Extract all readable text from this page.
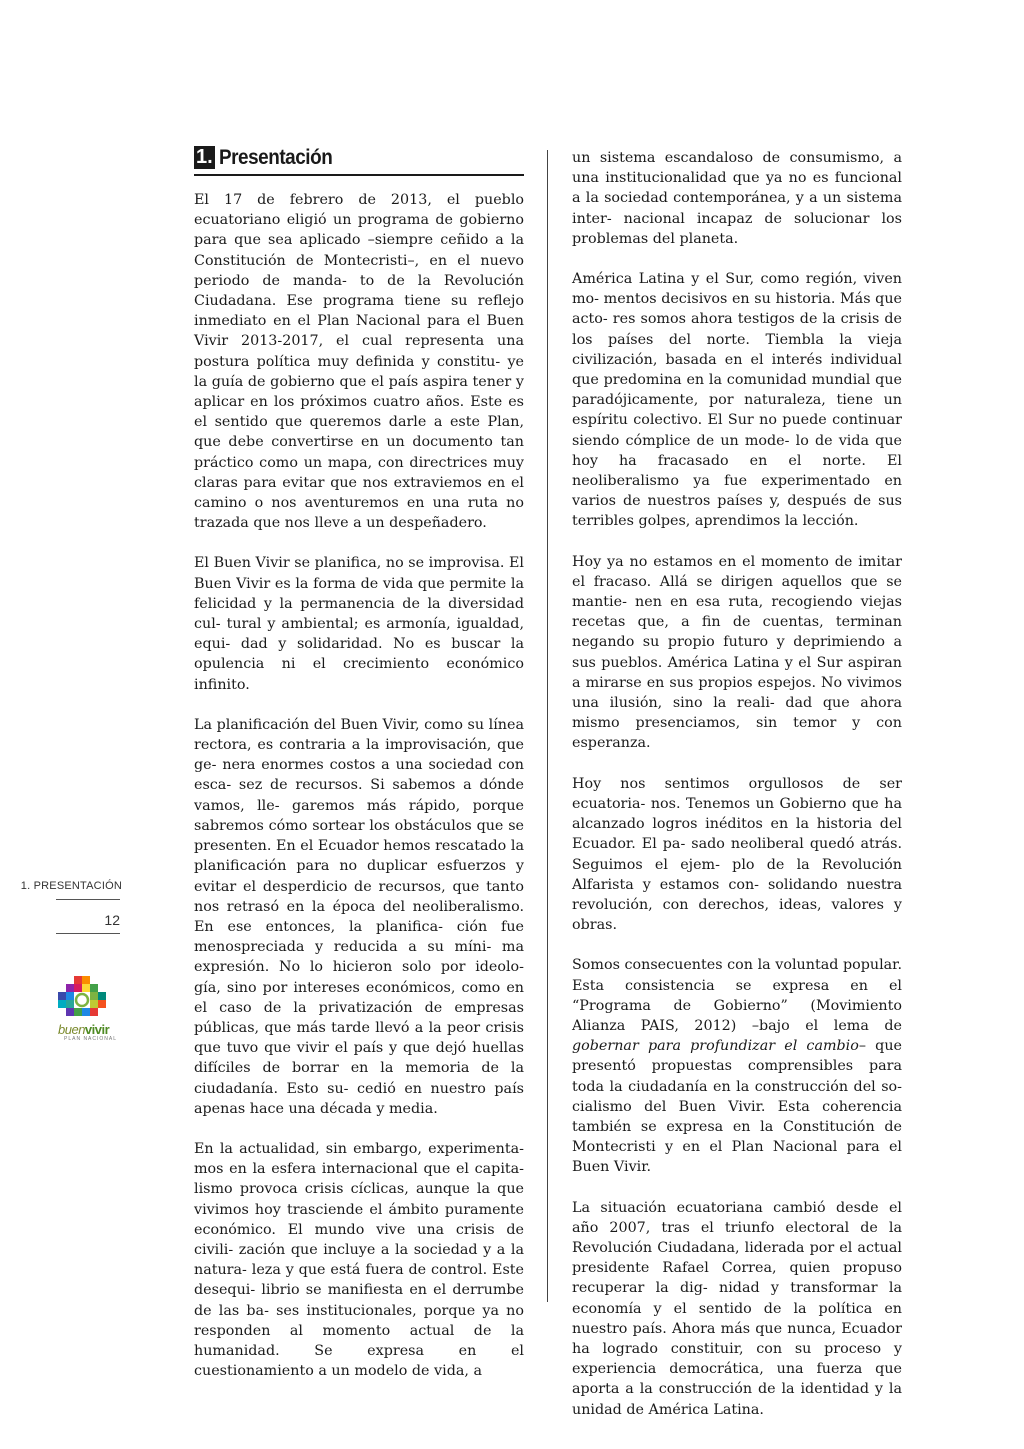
1. PRESENTACIÓN
12
buenvivir
PLAN NACIONAL
1. Presentación

El 17 de febrero de 2013, el pueblo ecuatoriano eligió un programa de gobierno para que sea aplicado –siempre ceñido a la Constitución de Montecristi–, en el nuevo periodo de manda- to de la Revolución Ciudadana. Ese programa tiene su reflejo inmediato en el Plan Nacional para el Buen Vivir 2013-2017, el cual representa una postura política muy definida y constitu- ye la guía de gobierno que el país aspira tener y aplicar en los próximos cuatro años. Este es el sentido que queremos darle a este Plan, que debe convertirse en un documento tan práctico como un mapa, con directrices muy claras para evitar que nos extraviemos en el camino o nos aventuremos en una ruta no trazada que nos lleve a un despeñadero.

El Buen Vivir se planifica, no se improvisa. El Buen Vivir es la forma de vida que permite la felicidad y la permanencia de la diversidad cul- tural y ambiental; es armonía, igualdad, equi- dad y solidaridad. No es buscar la opulencia ni el crecimiento económico infinito.

La planificación del Buen Vivir, como su línea rectora, es contraria a la improvisación, que ge- nera enormes costos a una sociedad con esca- sez de recursos. Si sabemos a dónde vamos, lle- garemos más rápido, porque sabremos cómo sortear los obstáculos que se presenten. En el Ecuador hemos rescatado la planificación para no duplicar esfuerzos y evitar el desperdicio de recursos, que tanto nos retrasó en la época del neoliberalismo. En ese entonces, la planifica- ción fue menospreciada y reducida a su míni- ma expresión. No lo hicieron solo por ideolo- gía, sino por intereses económicos, como en el caso de la privatización de empresas públicas, que más tarde llevó a la peor crisis que tuvo que vivir el país y que dejó huellas difíciles de borrar en la memoria de la ciudadanía. Esto su- cedió en nuestro país apenas hace una década y media.

En la actualidad, sin embargo, experimenta- mos en la esfera internacional que el capita- lismo provoca crisis cíclicas, aunque la que vivimos hoy trasciende el ámbito puramente económico. El mundo vive una crisis de civili- zación que incluye a la sociedad y a la natura- leza y que está fuera de control. Este desequi- librio se manifiesta en el derrumbe de las ba- ses institucionales, porque ya no responden al momento actual de la humanidad. Se expresa en el cuestionamiento a un modelo de vida, a

un sistema escandaloso de consumismo, a una institucionalidad que ya no es funcional a la sociedad contemporánea, y a un sistema inter- nacional incapaz de solucionar los problemas del planeta.

América Latina y el Sur, como región, viven mo- mentos decisivos en su historia. Más que acto- res somos ahora testigos de la crisis de los países del norte. Tiembla la vieja civilización, basada en el interés individual que predomina en la comunidad mundial que paradójicamente, por naturaleza, tiene un espíritu colectivo. El Sur no puede continuar siendo cómplice de un mode- lo de vida que hoy ha fracasado en el norte. El neoliberalismo ya fue experimentado en varios de nuestros países y, después de sus terribles golpes, aprendimos la lección.

Hoy ya no estamos en el momento de imitar el fracaso. Allá se dirigen aquellos que se mantie- nen en esa ruta, recogiendo viejas recetas que, a fin de cuentas, terminan negando su propio futuro y deprimiendo a sus pueblos. América Latina y el Sur aspiran a mirarse en sus propios espejos. No vivimos una ilusión, sino la reali- dad que ahora mismo presenciamos, sin temor y con esperanza.

Hoy nos sentimos orgullosos de ser ecuatoria- nos. Tenemos un Gobierno que ha alcanzado logros inéditos en la historia del Ecuador. El pa- sado neoliberal quedó atrás. Seguimos el ejem- plo de la Revolución Alfarista y estamos con- solidando nuestra revolución, con derechos, ideas, valores y obras.

Somos consecuentes con la voluntad popular. Esta consistencia se expresa en el “Programa de Gobierno” (Movimiento Alianza PAIS, 2012) –bajo el lema de gobernar para profundizar el cambio– que presentó propuestas comprensibles para toda la ciudadanía en la construcción del so- cialismo del Buen Vivir. Esta coherencia también se expresa en la Constitución de Montecristi y en el Plan Nacional para el Buen Vivir.

La situación ecuatoriana cambió desde el año 2007, tras el triunfo electoral de la Revolución Ciudadana, liderada por el actual presidente Rafael Correa, quien propuso recuperar la dig- nidad y transformar la economía y el sentido de la política en nuestro país. Ahora más que nunca, Ecuador ha logrado constituir, con su proceso y experiencia democrática, una fuerza que aporta a la construcción de la identidad y la unidad de América Latina.
